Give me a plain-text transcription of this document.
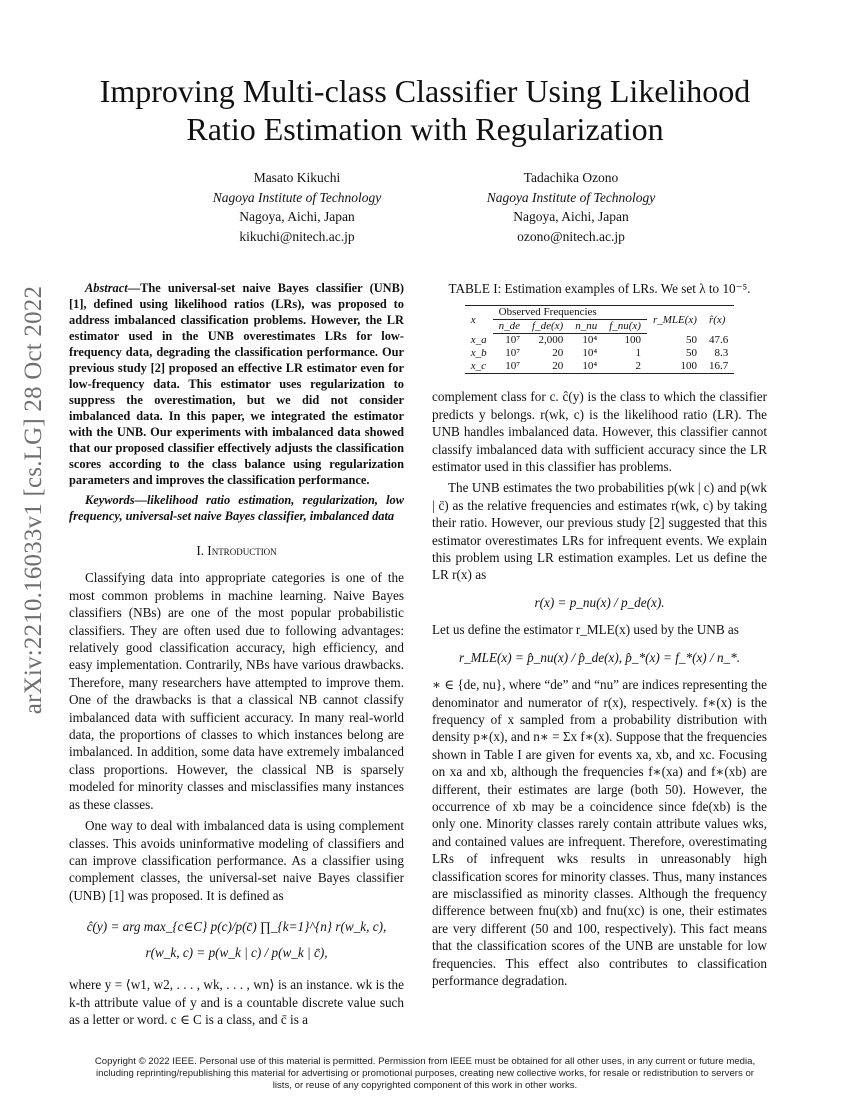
arXiv:2210.16033v1 [cs.LG] 28 Oct 2022
Improving Multi-class Classifier Using Likelihood Ratio Estimation with Regularization
Masato Kikuchi
Nagoya Institute of Technology
Nagoya, Aichi, Japan
kikuchi@nitech.ac.jp
Tadachika Ozono
Nagoya Institute of Technology
Nagoya, Aichi, Japan
ozono@nitech.ac.jp

Abstract—The universal-set naive Bayes classifier (UNB) [1], defined using likelihood ratios (LRs), was proposed to address imbalanced classification problems. However, the LR estimator used in the UNB overestimates LRs for low-frequency data, degrading the classification performance. Our previous study [2] proposed an effective LR estimator even for low-frequency data. This estimator uses regularization to suppress the overestimation, but we did not consider imbalanced data. In this paper, we integrated the estimator with the UNB. Our experiments with imbalanced data showed that our proposed classifier effectively adjusts the classification scores according to the class balance using regularization parameters and improves the classification performance.

Keywords—likelihood ratio estimation, regularization, low frequency, universal-set naive Bayes classifier, imbalanced data

I. Introduction

Classifying data into appropriate categories is one of the most common problems in machine learning. Naive Bayes classifiers (NBs) are one of the most popular probabilistic classifiers. They are often used due to following advantages: relatively good classification accuracy, high efficiency, and easy implementation. Contrarily, NBs have various drawbacks. Therefore, many researchers have attempted to improve them. One of the drawbacks is that a classical NB cannot classify imbalanced data with sufficient accuracy. In many real-world data, the proportions of classes to which instances belong are imbalanced. In addition, some data have extremely imbalanced class proportions. However, the classical NB is sparsely modeled for minority classes and misclassifies many instances as these classes.

One way to deal with imbalanced data is using complement classes. This avoids uninformative modeling of classifiers and can improve classification performance. As a classifier using complement classes, the universal-set naive Bayes classifier (UNB) [1] was proposed. It is defined as

ĉ(y) = arg max_{c∈C} p(c)/p(c̄) ∏_{k=1}^{n} r(w_k, c),
r(w_k, c) = p(w_k | c) / p(w_k | c̄),

where y = ⟨w1, w2, . . . , wk, . . . , wn⟩ is an instance. wk is the k-th attribute value of y and is a countable discrete value such as a letter or word. c ∈ C is a class, and c̄ is a

TABLE I: Estimation examples of LRs. We set λ to 10⁻⁵.
x	Observed Frequencies				r_MLE(x)	r̂(x)
	n_de	f_de(x)	n_nu	f_nu(x)		
x_a	10⁷	2,000	10⁴	100	50	47.6
x_b	10⁷	20	10⁴	1	50	8.3
x_c	10⁷	20	10⁴	2	100	16.7

complement class for c. ĉ(y) is the class to which the classifier predicts y belongs. r(wk, c) is the likelihood ratio (LR). The UNB handles imbalanced data. However, this classifier cannot classify imbalanced data with sufficient accuracy since the LR estimator used in this classifier has problems.

The UNB estimates the two probabilities p(wk | c) and p(wk | c̄) as the relative frequencies and estimates r(wk, c) by taking their ratio. However, our previous study [2] suggested that this estimator overestimates LRs for infrequent events. We explain this problem using LR estimation examples. Let us define the LR r(x) as

r(x) = p_nu(x) / p_de(x).

Let us define the estimator r_MLE(x) used by the UNB as

r_MLE(x) = p̂_nu(x) / p̂_de(x), p̂_*(x) = f_*(x) / n_*.

∗ ∈ {de, nu}, where “de” and “nu” are indices representing the denominator and numerator of r(x), respectively. f∗(x) is the frequency of x sampled from a probability distribution with density p∗(x), and n∗ = Σx f∗(x). Suppose that the frequencies shown in Table I are given for events xa, xb, and xc. Focusing on xa and xb, although the frequencies f∗(xa) and f∗(xb) are different, their estimates are large (both 50). However, the occurrence of xb may be a coincidence since fde(xb) is the only one. Minority classes rarely contain attribute values wks, and contained values are infrequent. Therefore, overestimating LRs of infrequent wks results in unreasonably high classification scores for minority classes. Thus, many instances are misclassified as minority classes. Although the frequency difference between fnu(xb) and fnu(xc) is one, their estimates are very different (50 and 100, respectively). This fact means that the classification scores of the UNB are unstable for low frequencies. This effect also contributes to classification performance degradation.

Copyright © 2022 IEEE. Personal use of this material is permitted. Permission from IEEE must be obtained for all other uses, in any current or future media, including reprinting/republishing this material for advertising or promotional purposes, creating new collective works, for resale or redistribution to servers or lists, or reuse of any copyrighted component of this work in other works.
